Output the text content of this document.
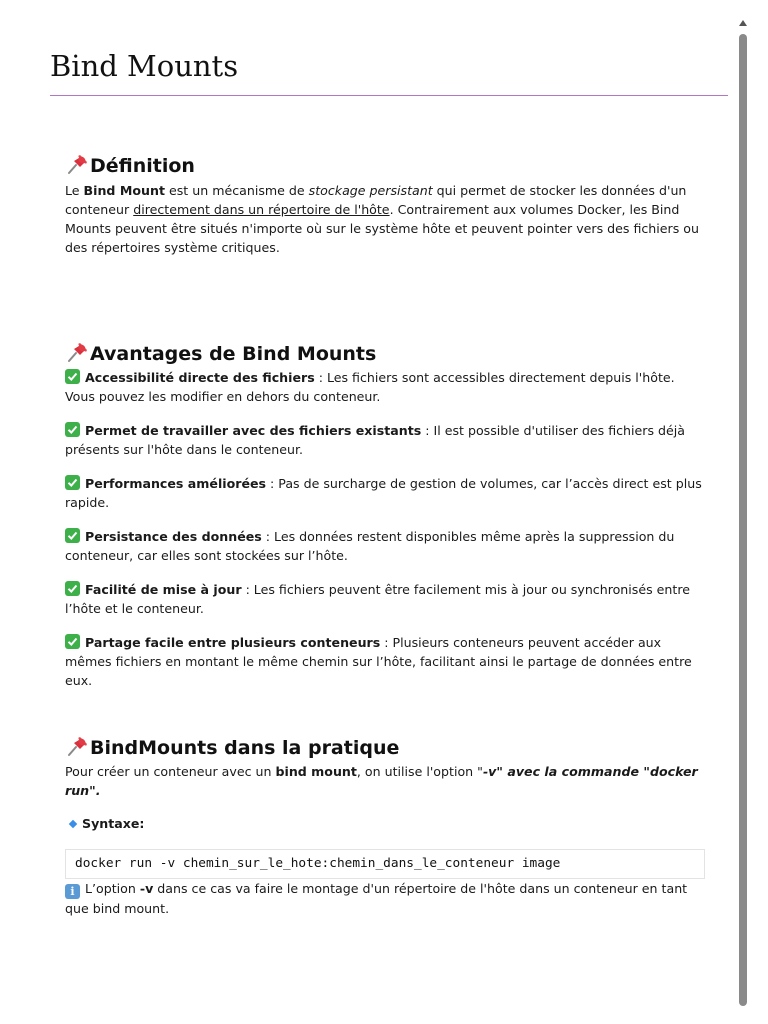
Bind Mounts
Définition

Le Bind Mount est un mécanisme de stockage persistant qui permet de stocker les données d'un conteneur directement dans un répertoire de l'hôte. Contrairement aux volumes Docker, les Bind Mounts peuvent être situés n'importe où sur le système hôte et peuvent pointer vers des fichiers ou des répertoires système critiques.

Avantages de Bind Mounts

Accessibilité directe des fichiers : Les fichiers sont accessibles directement depuis l'hôte. Vous pouvez les modifier en dehors du conteneur.

Permet de travailler avec des fichiers existants : Il est possible d'utiliser des fichiers déjà présents sur l'hôte dans le conteneur.

Performances améliorées : Pas de surcharge de gestion de volumes, car l’accès direct est plus rapide.

Persistance des données : Les données restent disponibles même après la suppression du conteneur, car elles sont stockées sur l’hôte.

Facilité de mise à jour : Les fichiers peuvent être facilement mis à jour ou synchronisés entre l’hôte et le conteneur.

Partage facile entre plusieurs conteneurs : Plusieurs conteneurs peuvent accéder aux mêmes fichiers en montant le même chemin sur l’hôte, facilitant ainsi le partage de données entre eux.

BindMounts dans la pratique

Pour créer un conteneur avec un bind mount, on utilise l'option "-v" avec la commande "docker run".

Syntaxe:
docker run -v chemin_sur_le_hote:chemin_dans_le_conteneur image

i L’option -v dans ce cas va faire le montage d'un répertoire de l'hôte dans un conteneur en tant que bind mount.
